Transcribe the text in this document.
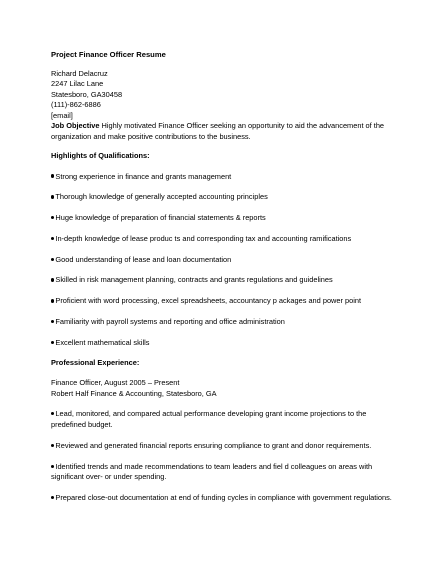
Project Finance Officer Resume
Richard Delacruz
2247 Lilac Lane
Statesboro, GA30458
(111)-862-6886
[email]
Job Objective Highly motivated Finance Officer seeking an opportunity to aid the advancement of the organization and make positive contributions to the business.
Highlights of Qualifications:
Strong experience in finance and grants management
Thorough knowledge of generally accepted accounting principles
Huge knowledge of preparation of financial statements & reports
In-depth knowledge of lease produc ts and corresponding tax and accounting ramifications
Good understanding of lease and loan documentation
Skilled in risk management planning, contracts and grants regulations and guidelines
Proficient with word processing, excel spreadsheets, accountancy p ackages and power point
Familiarity with payroll systems and reporting and office administration
Excellent mathematical skills
Professional Experience:
Finance Officer, August 2005 – Present
Robert Half Finance & Accounting, Statesboro, GA
Lead, monitored, and compared actual performance developing grant income projections to the predefined budget.
Reviewed and generated financial reports ensuring compliance to grant and donor requirements.
Identified trends and made recommendations to team leaders and fiel d colleagues on areas with significant over- or under spending.
Prepared close-out documentation at end of funding cycles in compliance with government regulations.
